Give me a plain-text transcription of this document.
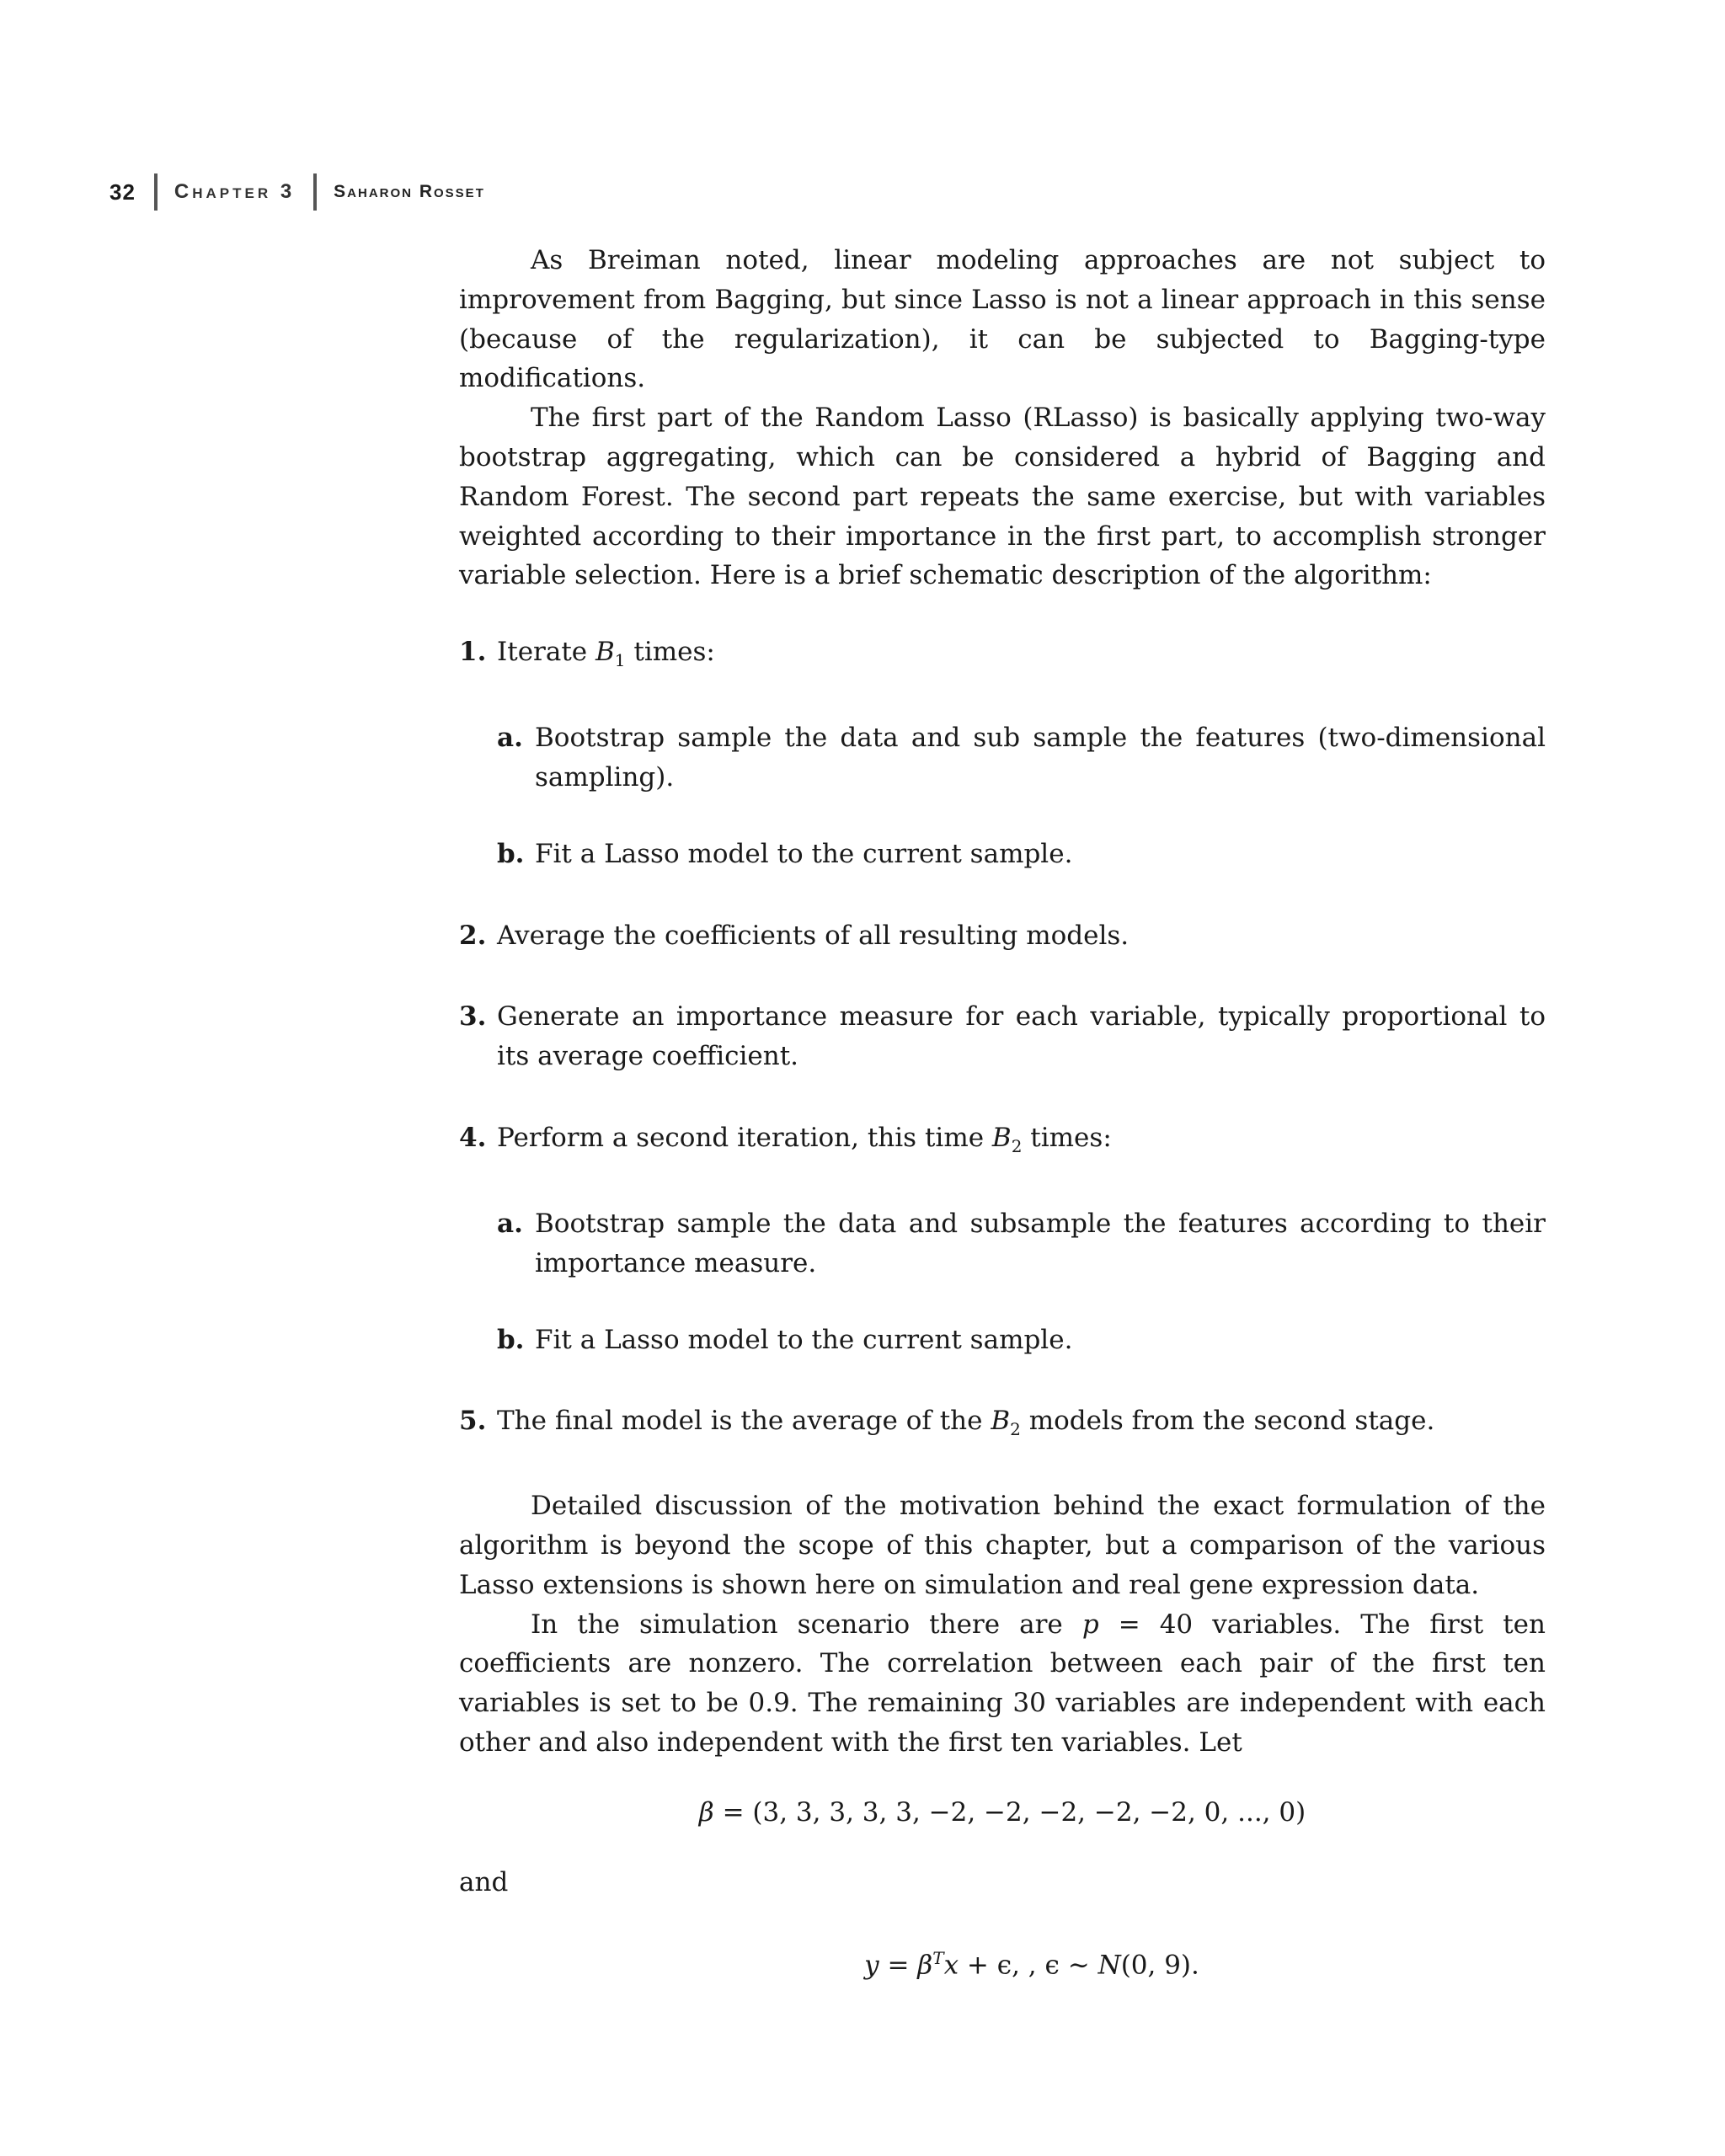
32 Chapter 3 Saharon Rosset

As Breiman noted, linear modeling approaches are not subject to improvement from Bagging, but since Lasso is not a linear approach in this sense (because of the regularization), it can be subjected to Bagging-type modifications.

The first part of the Random Lasso (RLasso) is basically applying two-way bootstrap aggregating, which can be considered a hybrid of Bagging and Random Forest. The second part repeats the same exercise, but with variables weighted according to their importance in the first part, to accomplish stronger variable selection. Here is a brief schematic description of the algorithm:

1. Iterate $B_1$ times:
a. Bootstrap sample the data and sub sample the features (two-dimensional sampling).
b. Fit a Lasso model to the current sample.
2. Average the coefficients of all resulting models.
3. Generate an importance measure for each variable, typically proportional to its average coefficient.
4. Perform a second iteration, this time $B_2$ times:
a. Bootstrap sample the data and subsample the features according to their importance measure.
b. Fit a Lasso model to the current sample.
5. The final model is the average of the $B_2$ models from the second stage.

Detailed discussion of the motivation behind the exact formulation of the algorithm is beyond the scope of this chapter, but a comparison of the various Lasso extensions is shown here on simulation and real gene expression data.

In the simulation scenario there are p = 40 variables. The first ten coefficients are nonzero. The correlation between each pair of the first ten variables is set to be 0.9. The remaining 30 variables are independent with each other and also independent with the first ten variables. Let

β = (3, 3, 3, 3, 3, −2, −2, −2, −2, −2, 0, ..., 0)
and
$y = \beta^Tx + \epsilon$, , ϵ ∼ N(0, 9).
